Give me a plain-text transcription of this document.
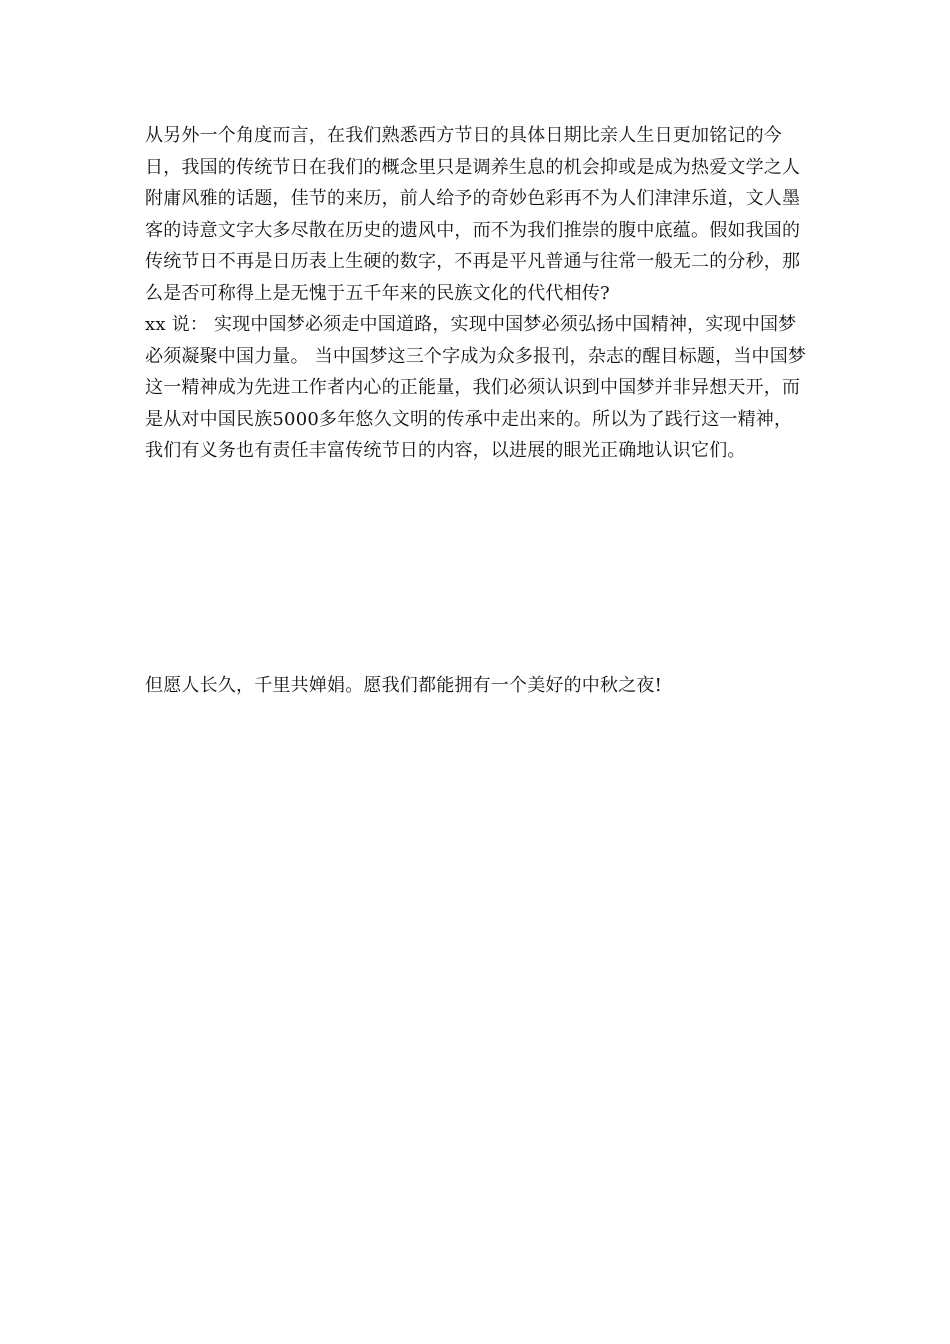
从另外一个角度而言，在我们熟悉西方节日的具体日期比亲人生日更加铭记的今日，我国的传统节日在我们的概念里只是调养生息的机会抑或是成为热爱文学之人附庸风雅的话题，佳节的来历，前人给予的奇妙色彩再不为人们津津乐道，文人墨客的诗意文字大多尽散在历史的遗风中，而不为我们推崇的腹中底蕴。假如我国的传统节日不再是日历表上生硬的数字，不再是平凡普通与往常一般无二的分秒，那么是否可称得上是无愧于五千年来的民族文化的代代相传?

xx 说： 实现中国梦必须走中国道路，实现中国梦必须弘扬中国精神，实现中国梦必须凝聚中国力量。 当中国梦这三个字成为众多报刊，杂志的醒目标题，当中国梦这一精神成为先进工作者内心的正能量，我们必须认识到中国梦并非异想天开，而是从对中国民族5000多年悠久文明的传承中走出来的。所以为了践行这一精神，我们有义务也有责任丰富传统节日的内容，以进展的眼光正确地认识它们。

但愿人长久，千里共婵娟。愿我们都能拥有一个美好的中秋之夜!
